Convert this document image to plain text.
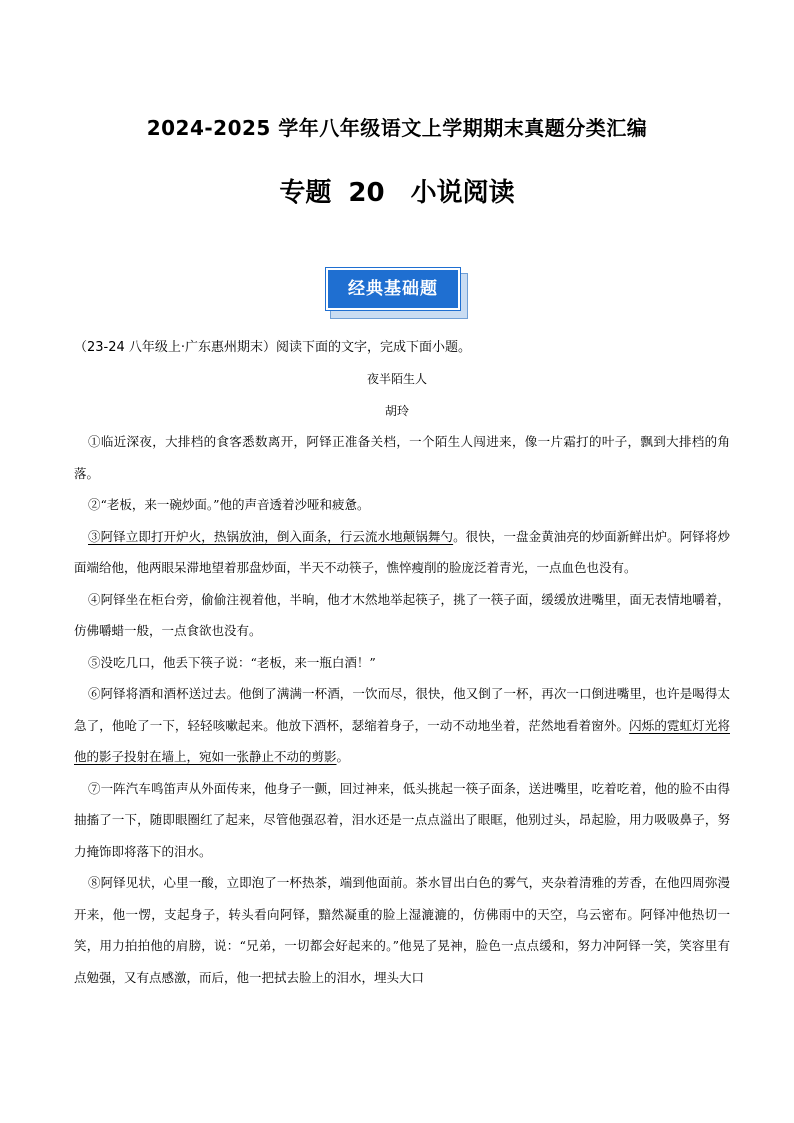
2024-2025 学年八年级语文上学期期末真题分类汇编
专题 20　小说阅读
经典基础题
（23-24 八年级上·广东惠州期末）阅读下面的文字，完成下面小题。
夜半陌生人
胡玲

①临近深夜，大排档的食客悉数离开，阿铎正准备关档，一个陌生人闯进来，像一片霜打的叶子，飘到大排档的角落。

②“老板，来一碗炒面。”他的声音透着沙哑和疲惫。

③阿铎立即打开炉火，热锅放油，倒入面条，行云流水地颠锅舞勺。很快，一盘金黄油亮的炒面新鲜出炉。阿铎将炒面端给他，他两眼呆滞地望着那盘炒面，半天不动筷子，憔悴瘦削的脸庞泛着青光，一点血色也没有。

④阿铎坐在柜台旁，偷偷注视着他，半晌，他才木然地举起筷子，挑了一筷子面，缓缓放进嘴里，面无表情地嚼着，仿佛嚼蜡一般，一点食欲也没有。

⑤没吃几口，他丢下筷子说：“老板，来一瓶白酒！”

⑥阿铎将酒和酒杯送过去。他倒了满满一杯酒，一饮而尽，很快，他又倒了一杯，再次一口倒进嘴里，也许是喝得太急了，他呛了一下，轻轻咳嗽起来。他放下酒杯，瑟缩着身子，一动不动地坐着，茫然地看着窗外。闪烁的霓虹灯光将他的影子投射在墙上，宛如一张静止不动的剪影。

⑦一阵汽车鸣笛声从外面传来，他身子一颤，回过神来，低头挑起一筷子面条，送进嘴里，吃着吃着，他的脸不由得抽搐了一下，随即眼圈红了起来，尽管他强忍着，泪水还是一点点溢出了眼眶，他别过头，昂起脸，用力吸吸鼻子，努力掩饰即将落下的泪水。

⑧阿铎见状，心里一酸，立即泡了一杯热茶，端到他面前。茶水冒出白色的雾气，夹杂着清雅的芳香，在他四周弥漫开来，他一愣，支起身子，转头看向阿铎，黯然凝重的脸上湿漉漉的，仿佛雨中的天空，乌云密布。阿铎冲他热切一笑，用力拍拍他的肩膀，说：“兄弟，一切都会好起来的。”他晃了晃神，脸色一点点缓和，努力冲阿铎一笑，笑容里有点勉强，又有点感激，而后，他一把拭去脸上的泪水，埋头大口
